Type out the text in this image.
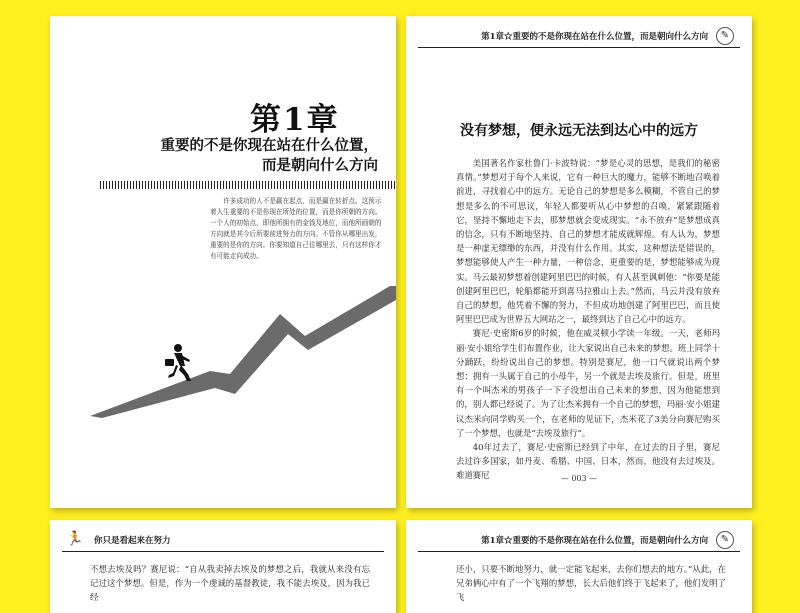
第1章
重要的不是你现在站在什么位置，
而是朝向什么方向

许多成功的人不是赢在起点，而是赢在转折点。这预示着人生重要的不是你现在所处的位置，而是你所朝的方向。一个人的初始点，即他所拥有的金钱及地位，而他所画朝的方向就是其今后所要前进努力的方向。不管你从哪里出发，重要的是你的方向。你要知道自己往哪里去，只有这样你才有可能走向成功。

第1章☆重要的不是你现在站在什么位置，而是朝向什么方向	✎
没有梦想，便永远无法到达心中的远方

美国著名作家杜鲁门·卡波特说：“梦是心灵的思想，是我们的秘密真情。”梦想对于每个人来说，它有一种巨大的魔力，能够不断地召唤着前进，寻找着心中的远方。无论自己的梦想是多么模糊，不管自己的梦想是多么的不可思议，年轻人都要听从心中梦想的召唤，紧紧跟随着它，坚持不懈地走下去，那梦想就会变成现实。“永不放弃”是梦想成真的信念，只有不断地坚持，自己的梦想才能成就辉煌。有人认为，梦想是一种虚无缥缈的东西，并没有什么作用。其实，这种想法是错误的，梦想能够使人产生一种力量，一种信念，更重要的是，梦想能够成为现实。马云最初梦想着创建阿里巴巴的时候，有人甚至讽刺他：“你要是能创建阿里巴巴，轮船都能开到喜马拉雅山上去。”然而，马云并没有放弃自己的梦想，他凭着不懈的努力，不但成功地创建了阿里巴巴，而且使阿里巴巴成为世界五大网站之一，最终到达了自己心中的远方。

赛尼·史密斯6岁的时候，他在威灵顿小学读一年级。一天，老师玛丽·安小姐给学生们布置作业，让大家说出自己未来的梦想。班上同学十分踊跃，纷纷说出自己的梦想。特别是赛尼，他一口气就说出两个梦想：拥有一头属于自己的小母牛，另一个就是去埃及旅行。但是，班里有一个叫杰米的男孩子一下子没想出自己未来的梦想，因为他能想到的，别人都已经说了。为了让杰米拥有一个自己的梦想，玛丽·安小姐建议杰米向同学购买一个，在老师的见证下，杰米花了3美分向赛尼购买了一个梦想，也就是“去埃及旅行”。

40年过去了，赛尼·史密斯已经到了中年，在过去的日子里，赛尼去过许多国家，如丹麦、希腊、中国、日本，然而，他没有去过埃及。难道赛尼	— 003 —
🏃 你只是看起来在努力

不想去埃及吗？赛尼说：“自从我卖掉去埃及的梦想之后，我就从来没有忘记过这个梦想。但是，作为一个虔诚的基督教徒，我不能去埃及，因为我已经

第1章☆重要的不是你现在站在什么位置，而是朝向什么方向	✎

还小，只要不断地努力，就一定能飞起来，去你们想去的地方。”从此，在兄弟俩心中有了一个飞翔的梦想，长大后他们终于飞起来了，他们发明了飞
